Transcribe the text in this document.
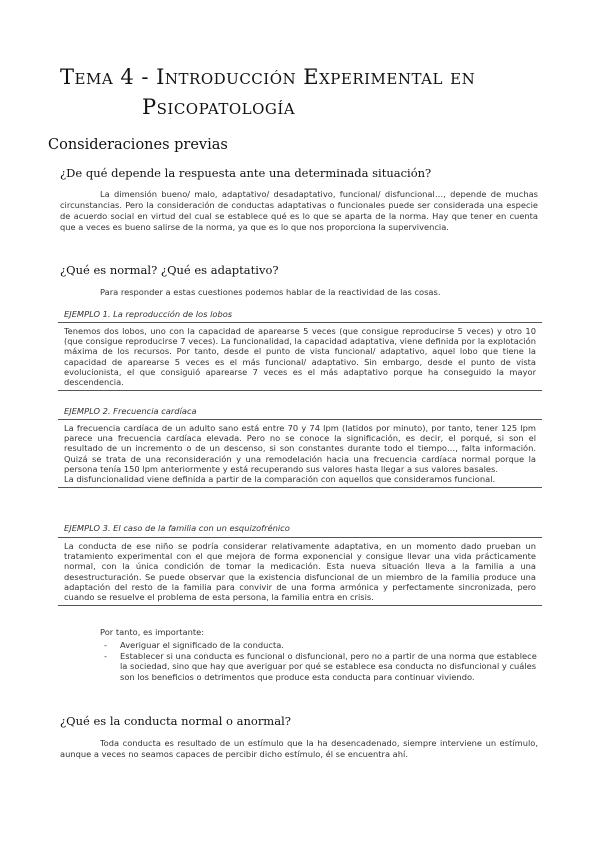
Tema 4 - Introducción Experimental en
Psicopatología
Consideraciones previas
¿De qué depende la respuesta ante una determinada situación?
La dimensión bueno/ malo, adaptativo/ desadaptativo, funcional/ disfuncional…, depende de muchas circunstancias. Pero la consideración de conductas adaptativas o funcionales puede ser considerada una especie de acuerdo social en virtud del cual se establece qué es lo que se aparta de la norma. Hay que tener en cuenta que a veces es bueno salirse de la norma, ya que es lo que nos proporciona la supervivencia.
¿Qué es normal? ¿Qué es adaptativo?
Para responder a estas cuestiones podemos hablar de la reactividad de las cosas.
EJEMPLO 1. La reproducción de los lobos

Tenemos dos lobos, uno con la capacidad de aparearse 5 veces (que consigue reproducirse 5 veces) y otro 10 (que consigue reproducirse 7 veces). La funcionalidad, la capacidad adaptativa, viene definida por la explotación máxima de los recursos. Por tanto, desde el punto de vista funcional/ adaptativo, aquel lobo que tiene la capacidad de aparearse 5 veces es el más funcional/ adaptativo. Sin embargo, desde el punto de vista evolucionista, el que consiguió aparearse 7 veces es el más adaptativo porque ha conseguido la mayor descendencia.

EJEMPLO 2. Frecuencia cardíaca

La frecuencia cardíaca de un adulto sano está entre 70 y 74 lpm (latidos por minuto), por tanto, tener 125 lpm parece una frecuencia cardíaca elevada. Pero no se conoce la significación, es decir, el porqué, si son el resultado de un incremento o de un descenso, si son constantes durante todo el tiempo…, falta información. Quizá se trata de una reconsideración y una remodelación hacia una frecuencia cardíaca normal porque la persona tenía 150 lpm anteriormente y está recuperando sus valores hasta llegar a sus valores basales.

La disfuncionalidad viene definida a partir de la comparación con aquellos que consideramos funcional.

EJEMPLO 3. El caso de la familia con un esquizofrénico

La conducta de ese niño se podría considerar relativamente adaptativa, en un momento dado prueban un tratamiento experimental con el que mejora de forma exponencial y consigue llevar una vida prácticamente normal, con la única condición de tomar la medicación. Esta nueva situación lleva a la familia a una desestructuración. Se puede observar que la existencia disfuncional de un miembro de la familia produce una adaptación del resto de la familia para convivir de una forma armónica y perfectamente sincronizada, pero cuando se resuelve el problema de esta persona, la familia entra en crisis.

Por tanto, es importante:
- Averiguar el significado de la conducta.
- Establecer si una conducta es funcional o disfuncional, pero no a partir de una norma que establece la sociedad, sino que hay que averiguar por qué se establece esa conducta no disfuncional y cuáles son los beneficios o detrimentos que produce esta conducta para continuar viviendo.
¿Qué es la conducta normal o anormal?
Toda conducta es resultado de un estímulo que la ha desencadenado, siempre interviene un estímulo, aunque a veces no seamos capaces de percibir dicho estímulo, él se encuentra ahí.
